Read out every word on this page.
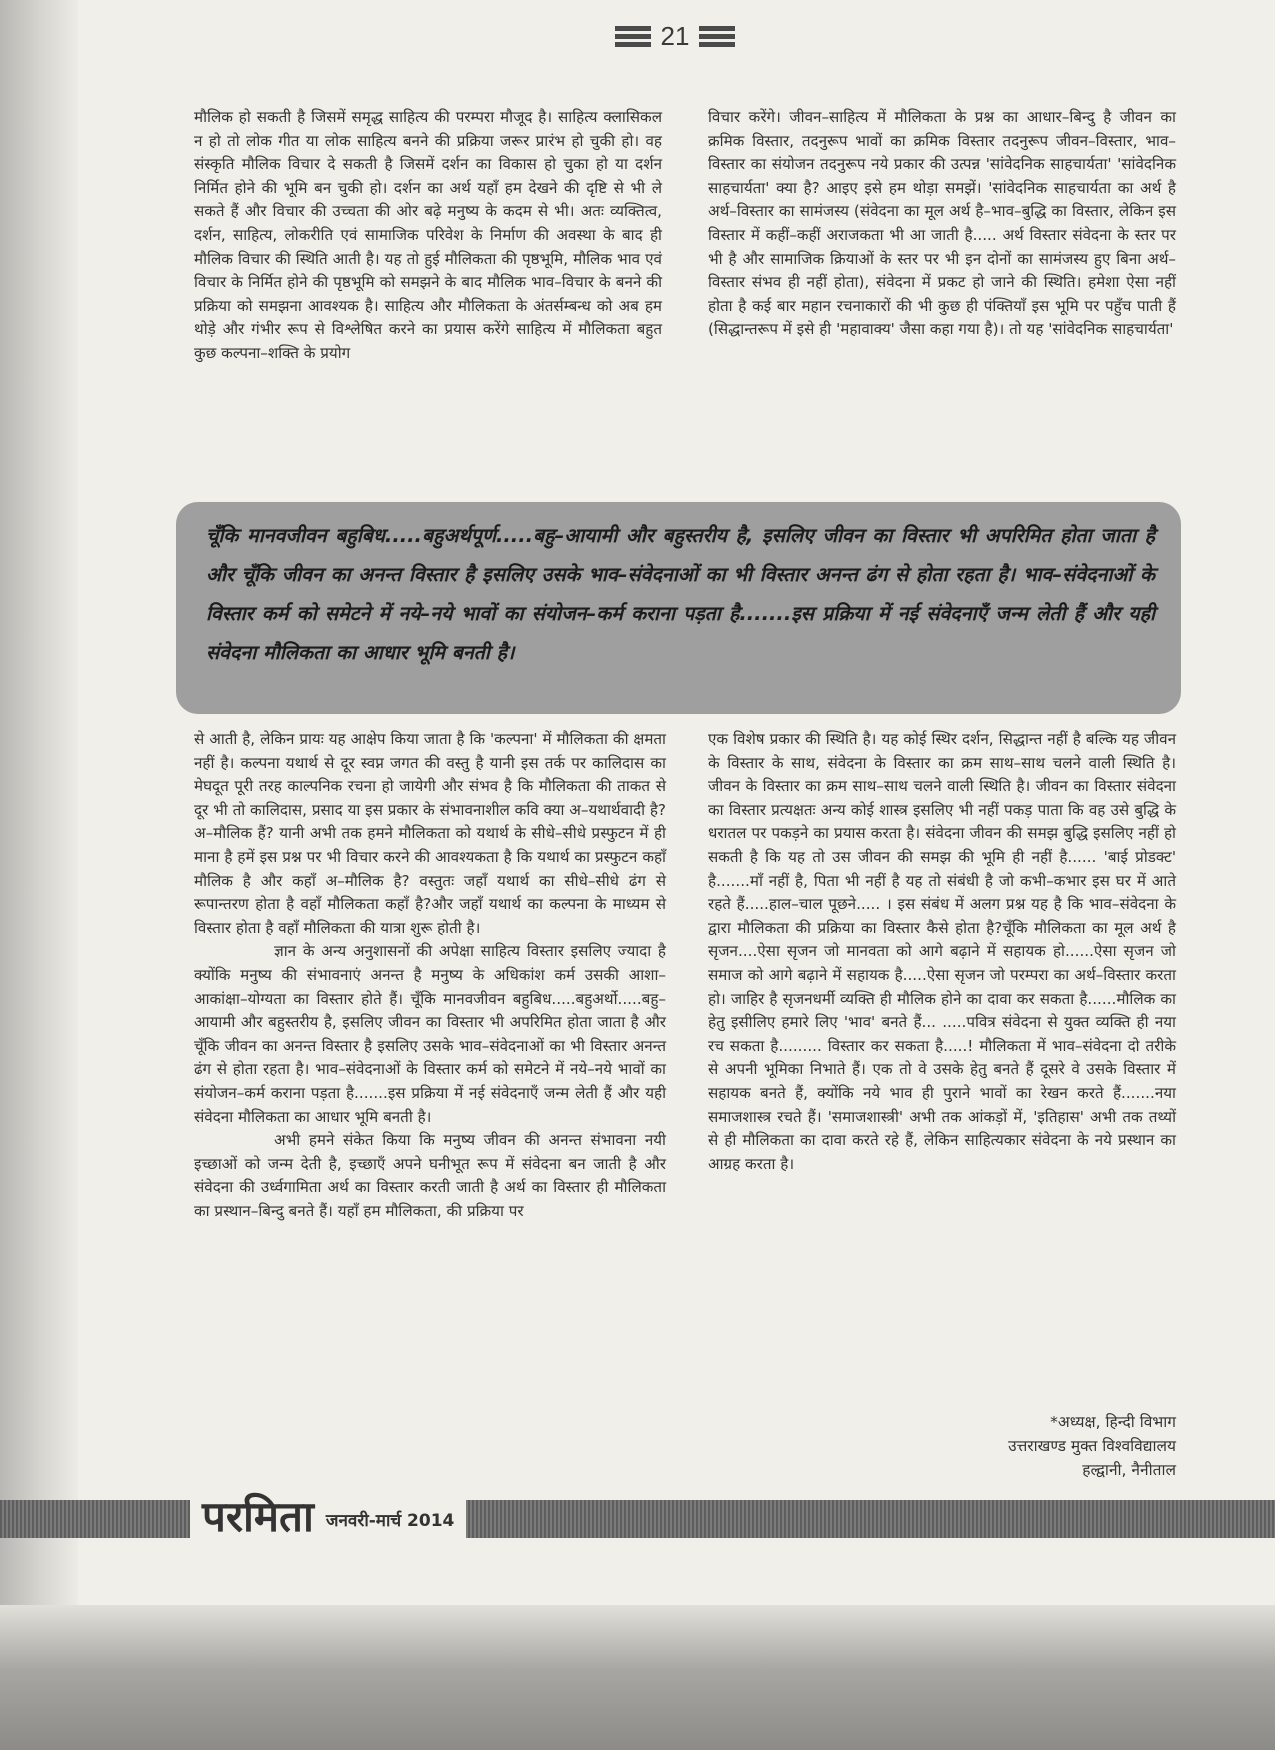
21

मौलिक हो सकती है जिसमें समृद्ध साहित्य की परम्परा मौजूद है। साहित्य क्लासिकल न हो तो लोक गीत या लोक साहित्य बनने की प्रक्रिया जरूर प्रारंभ हो चुकी हो। वह संस्कृति मौलिक विचार दे सकती है जिसमें दर्शन का विकास हो चुका हो या दर्शन निर्मित होने की भूमि बन चुकी हो। दर्शन का अर्थ यहाँ हम देखने की दृष्टि से भी ले सकते हैं और विचार की उच्चता की ओर बढ़े मनुष्य के कदम से भी। अतः व्यक्तित्व, दर्शन, साहित्य, लोकरीति एवं सामाजिक परिवेश के निर्माण की अवस्था के बाद ही मौलिक विचार की स्थिति आती है। यह तो हुई मौलिकता की पृष्ठभूमि, मौलिक भाव एवं विचार के निर्मित होने की पृष्ठभूमि को समझने के बाद मौलिक भाव–विचार के बनने की प्रक्रिया को समझना आवश्यक है। साहित्य और मौलिकता के अंतर्सम्बन्ध को अब हम थोड़े और गंभीर रूप से विश्लेषित करने का प्रयास करेंगे साहित्य में मौलिकता बहुत कुछ कल्पना–शक्ति के प्रयोग

विचार करेंगे। जीवन–साहित्य में मौलिकता के प्रश्न का आधार–बिन्दु है जीवन का क्रमिक विस्तार, तदनुरूप भावों का क्रमिक विस्तार तदनुरूप जीवन–विस्तार, भाव–विस्तार का संयोजन तदनुरूप नये प्रकार की उत्पन्न 'सांवेदनिक साहचार्यता' 'सांवेदनिक साहचार्यता' क्या है? आइए इसे हम थोड़ा समझें। 'सांवेदनिक साहचार्यता का अर्थ है अर्थ–विस्तार का सामंजस्य (संवेदना का मूल अर्थ है–भाव–बुद्धि का विस्तार, लेकिन इस विस्तार में कहीं–कहीं अराजकता भी आ जाती है..... अर्थ विस्तार संवेदना के स्तर पर भी है और सामाजिक क्रियाओं के स्तर पर भी इन दोनों का सामंजस्य हुए बिना अर्थ–विस्तार संभव ही नहीं होता), संवेदना में प्रकट हो जाने की स्थिति। हमेशा ऐसा नहीं होता है कई बार महान रचनाकारों की भी कुछ ही पंक्तियाँ इस भूमि पर पहुँच पाती हैं (सिद्धान्तरूप में इसे ही 'महावाक्य' जैसा कहा गया है)। तो यह 'सांवेदनिक साहचार्यता'

चूँकि मानवजीवन बहुबिध.....बहुअर्थपूर्ण.....बहु–आयामी और बहुस्तरीय है, इसलिए जीवन का विस्तार भी अपरिमित होता जाता है और चूँकि जीवन का अनन्त विस्तार है इसलिए उसके भाव–संवेदनाओं का भी विस्तार अनन्त ढंग से होता रहता है। भाव–संवेदनाओं के विस्तार कर्म को समेटने में नये–नये भावों का संयोजन–कर्म कराना पड़ता है.......इस प्रक्रिया में नई संवेदनाएँ जन्म लेती हैं और यही संवेदना मौलिकता का आधार भूमि बनती है।

से आती है, लेकिन प्रायः यह आक्षेप किया जाता है कि 'कल्पना' में मौलिकता की क्षमता नहीं है। कल्पना यथार्थ से दूर स्वप्न जगत की वस्तु है यानी इस तर्क पर कालिदास का मेघदूत पूरी तरह काल्पनिक रचना हो जायेगी और संभव है कि मौलिकता की ताकत से दूर भी तो कालिदास, प्रसाद या इस प्रकार के संभावनाशील कवि क्या अ–यथार्थवादी है?अ–मौलिक हैं? यानी अभी तक हमने मौलिकता को यथार्थ के सीधे–सीधे प्रस्फुटन में ही माना है हमें इस प्रश्न पर भी विचार करने की आवश्यकता है कि यथार्थ का प्रस्फुटन कहाँ मौलिक है और कहाँ अ–मौलिक है? वस्तुतः जहाँ यथार्थ का सीधे–सीधे ढंग से रूपान्तरण होता है वहाँ मौलिकता कहाँ है?और जहाँ यथार्थ का कल्पना के माध्यम से विस्तार होता है वहाँ मौलिकता की यात्रा शुरू होती है।

ज्ञान के अन्य अनुशासनों की अपेक्षा साहित्य विस्तार इसलिए ज्यादा है क्योंकि मनुष्य की संभावनाएं अनन्त है मनुष्य के अधिकांश कर्म उसकी आशा–आकांक्षा–योग्यता का विस्तार होते हैं। चूँकि मानवजीवन बहुबिध.....बहुअर्थो.....बहु–आयामी और बहुस्तरीय है, इसलिए जीवन का विस्तार भी अपरिमित होता जाता है और चूँकि जीवन का अनन्त विस्तार है इसलिए उसके भाव–संवेदनाओं का भी विस्तार अनन्त ढंग से होता रहता है। भाव–संवेदनाओं के विस्तार कर्म को समेटने में नये–नये भावों का संयोजन–कर्म कराना पड़ता है.......इस प्रक्रिया में नई संवेदनाएँ जन्म लेती हैं और यही संवेदना मौलिकता का आधार भूमि बनती है।

अभी हमने संकेत किया कि मनुष्य जीवन की अनन्त संभावना नयी इच्छाओं को जन्म देती है, इच्छाएँ अपने घनीभूत रूप में संवेदना बन जाती है और संवेदना की उर्ध्वगामिता अर्थ का विस्तार करती जाती है अर्थ का विस्तार ही मौलिकता का प्रस्थान–बिन्दु बनते हैं। यहाँ हम मौलिकता, की प्रक्रिया पर

एक विशेष प्रकार की स्थिति है। यह कोई स्थिर दर्शन, सिद्धान्त नहीं है बल्कि यह जीवन के विस्तार के साथ, संवेदना के विस्तार का क्रम साथ–साथ चलने वाली स्थिति है। जीवन के विस्तार का क्रम साथ–साथ चलने वाली स्थिति है। जीवन का विस्तार संवेदना का विस्तार प्रत्यक्षतः अन्य कोई शास्त्र इसलिए भी नहीं पकड़ पाता कि वह उसे बुद्धि के धरातल पर पकड़ने का प्रयास करता है। संवेदना जीवन की समझ बुद्धि इसलिए नहीं हो सकती है कि यह तो उस जीवन की समझ की भूमि ही नहीं है...... 'बाई प्रोडक्ट' है.......माँ नहीं है, पिता भी नहीं है यह तो संबंधी है जो कभी–कभार इस घर में आते रहते हैं.....हाल–चाल पूछने..... । इस संबंध में अलग प्रश्न यह है कि भाव–संवेदना के द्वारा मौलिकता की प्रक्रिया का विस्तार कैसे होता है?चूँकि मौलिकता का मूल अर्थ है सृजन....ऐसा सृजन जो मानवता को आगे बढ़ाने में सहायक हो......ऐसा सृजन जो समाज को आगे बढ़ाने में सहायक है.....ऐसा सृजन जो परम्परा का अर्थ–विस्तार करता हो। जाहिर है सृजनधर्मी व्यक्ति ही मौलिक होने का दावा कर सकता है......मौलिक का हेतु इसीलिए हमारे लिए 'भाव' बनते हैं... .....पवित्र संवेदना से युक्त व्यक्ति ही नया रच सकता है......... विस्तार कर सकता है.....! मौलिकता में भाव–संवेदना दो तरीके से अपनी भूमिका निभाते हैं। एक तो वे उसके हेतु बनते हैं दूसरे वे उसके विस्तार में सहायक बनते हैं, क्योंकि नये भाव ही पुराने भावों का रेखन करते हैं.......नया समाजशास्त्र रचते हैं। 'समाजशास्त्री' अभी तक आंकड़ों में, 'इतिहास' अभी तक तथ्यों से ही मौलिकता का दावा करते रहे हैं, लेकिन साहित्यकार संवेदना के नये प्रस्थान का आग्रह करता है।

*अध्यक्ष, हिन्दी विभाग
उत्तराखण्ड मुक्त विश्वविद्यालय
हल्द्वानी, नैनीताल
परमिता जनवरी-मार्च 2014
